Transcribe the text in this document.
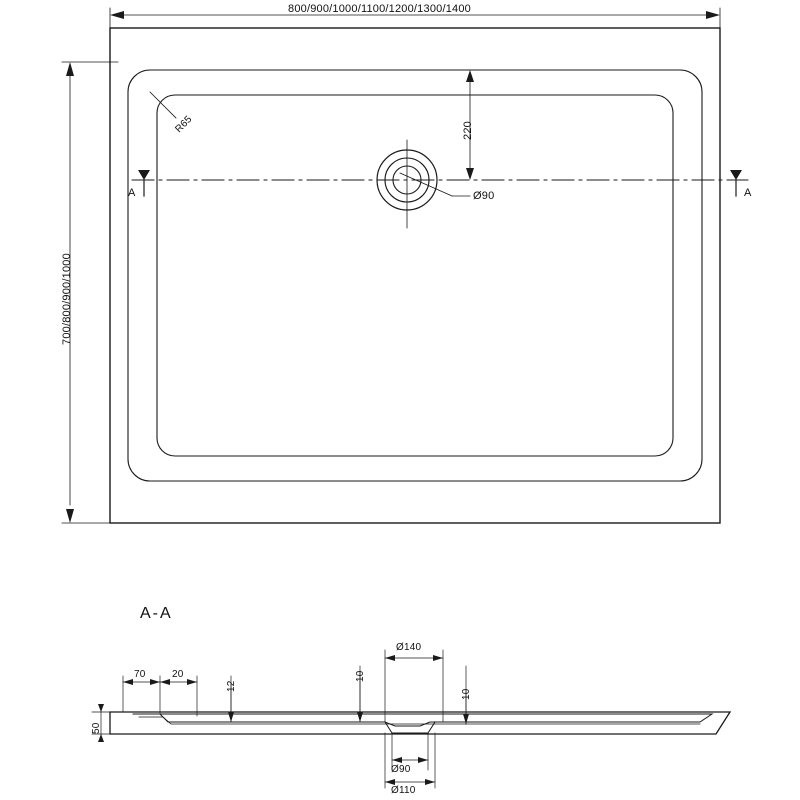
800/900/1000/1100/1200/1300/1400
700/800/900/1000
R65	220
Ø90
A	A
A-A
70	20
12
10
10
50
Ø140
Ø90
Ø110
